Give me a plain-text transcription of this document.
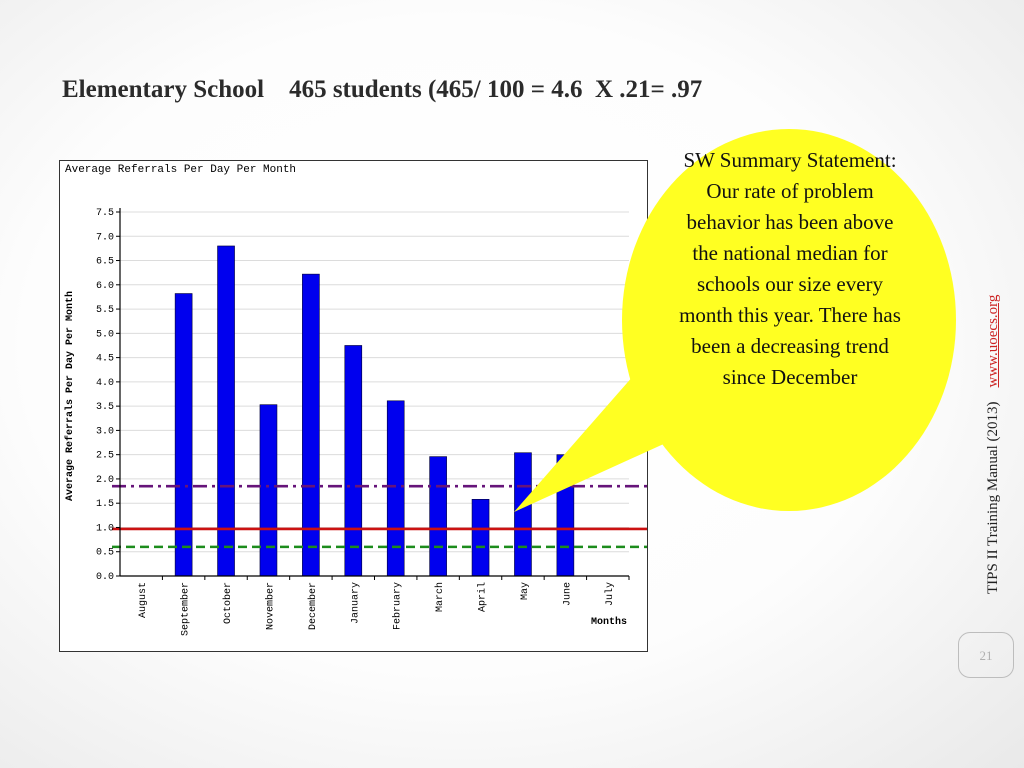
Elementary School    465 students (465/ 100 = 4.6  X .21= .97
0.0
0.5
1.0
1.5
2.0
2.5
3.0
3.5
4.0
4.5
5.0
5.5
6.0
6.5
7.0
7.5
August	September	October	November	December	January	February	March	April	May	June	July
Average Referrals Per Day Per Month
Months
Average Referrals Per Day Per Month	SW Summary Statement:

Our rate of problem behavior has been above the national median for schools our size every month this year. There has been a decreasing trend since December

TIPS II Training Manual (2013)www.uoecs.org
21
